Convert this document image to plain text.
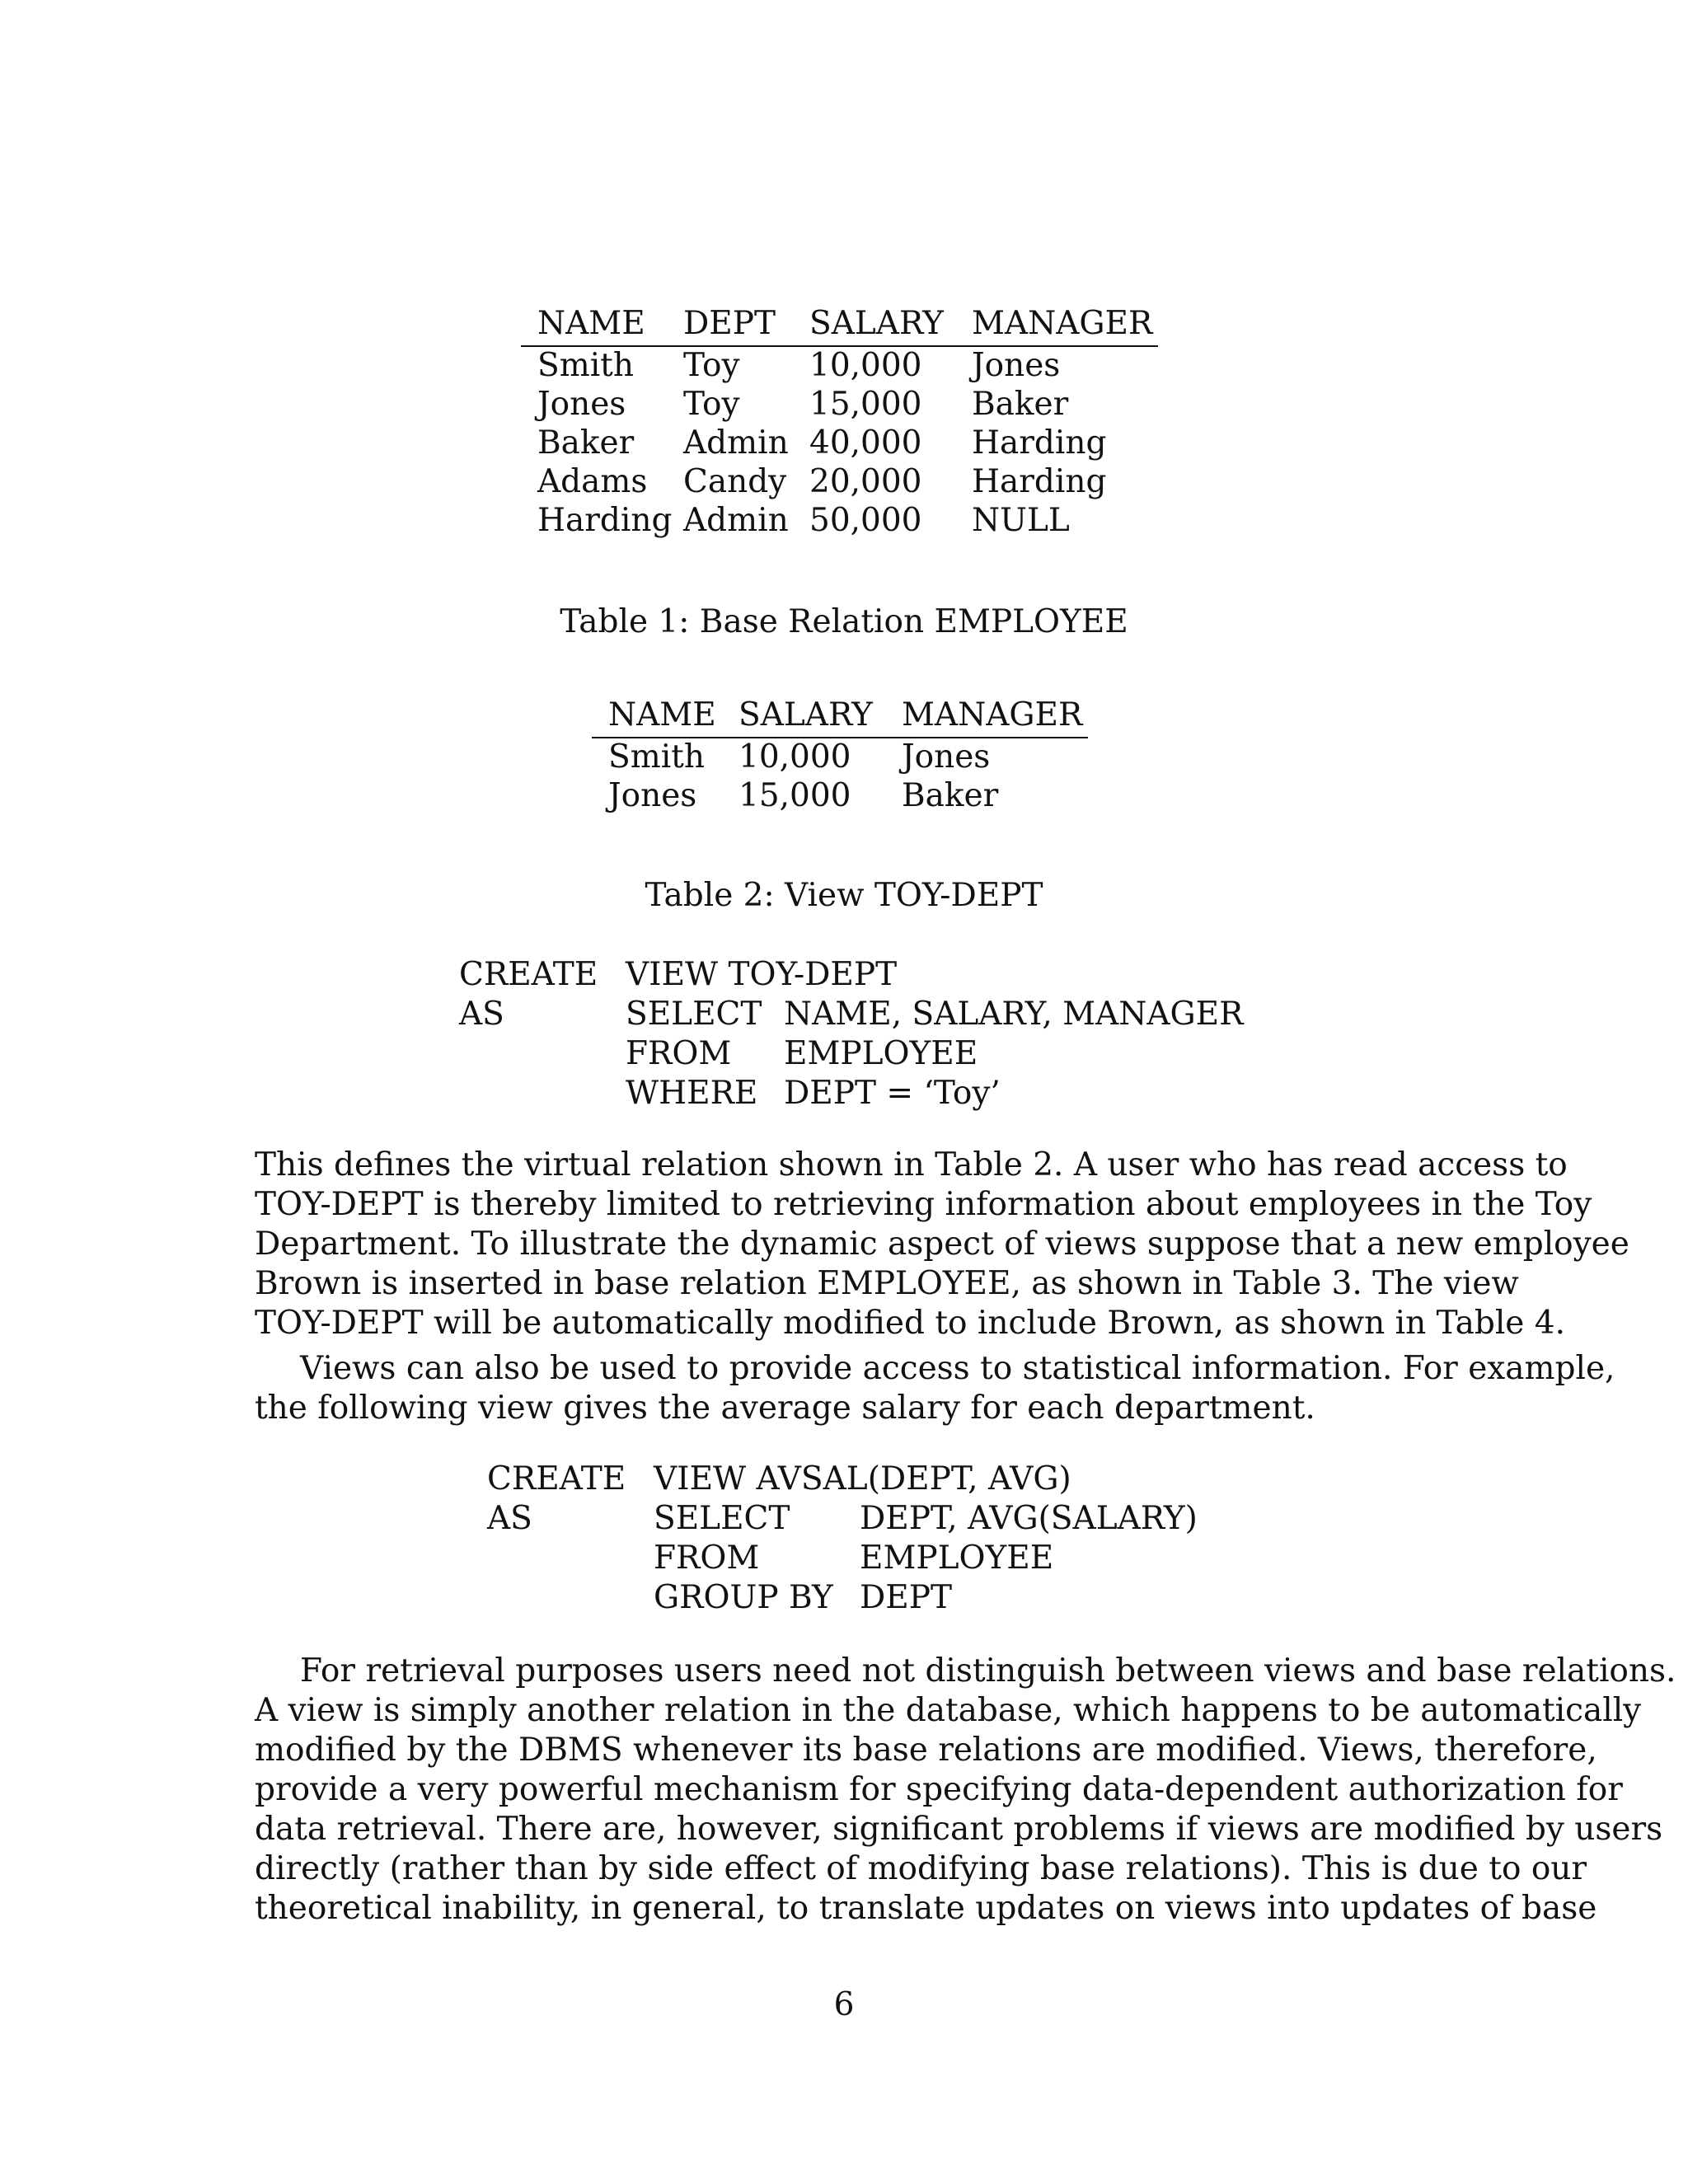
NAME DEPT SALARY MANAGER
Smith Toy 10,000 Jones
Jones Toy 15,000 Baker
Baker Admin 40,000 Harding
Adams Candy 20,000 Harding
Harding Admin 50,000 NULL
Table 1: Base Relation EMPLOYEE
NAME SALARY MANAGER
Smith 10,000 Jones
Jones 15,000 Baker
Table 2: View TOY-DEPT
CREATE VIEW TOY-DEPT
AS	SELECT NAME, SALARY, MANAGER
FROM EMPLOYEE
WHERE DEPT = ‘Toy’
This defines the virtual relation shown in Table 2. A user who has read access to
TOY-DEPT is thereby limited to retrieving information about employees in the Toy
Department. To illustrate the dynamic aspect of views suppose that a new employee
Brown is inserted in base relation EMPLOYEE, as shown in Table 3. The view
TOY-DEPT will be automatically modified to include Brown, as shown in Table 4.
Views can also be used to provide access to statistical information. For example,
the following view gives the average salary for each department.
CREATE VIEW AVSAL(DEPT, AVG)
AS	SELECT DEPT, AVG(SALARY)
FROM	EMPLOYEE
GROUP BY DEPT
For retrieval purposes users need not distinguish between views and base relations.
A view is simply another relation in the database, which happens to be automatically
modified by the DBMS whenever its base relations are modified. Views, therefore,
provide a very powerful mechanism for specifying data-dependent authorization for
data retrieval. There are, however, significant problems if views are modified by users
directly (rather than by side effect of modifying base relations). This is due to our
theoretical inability, in general, to translate updates on views into updates of base
6
